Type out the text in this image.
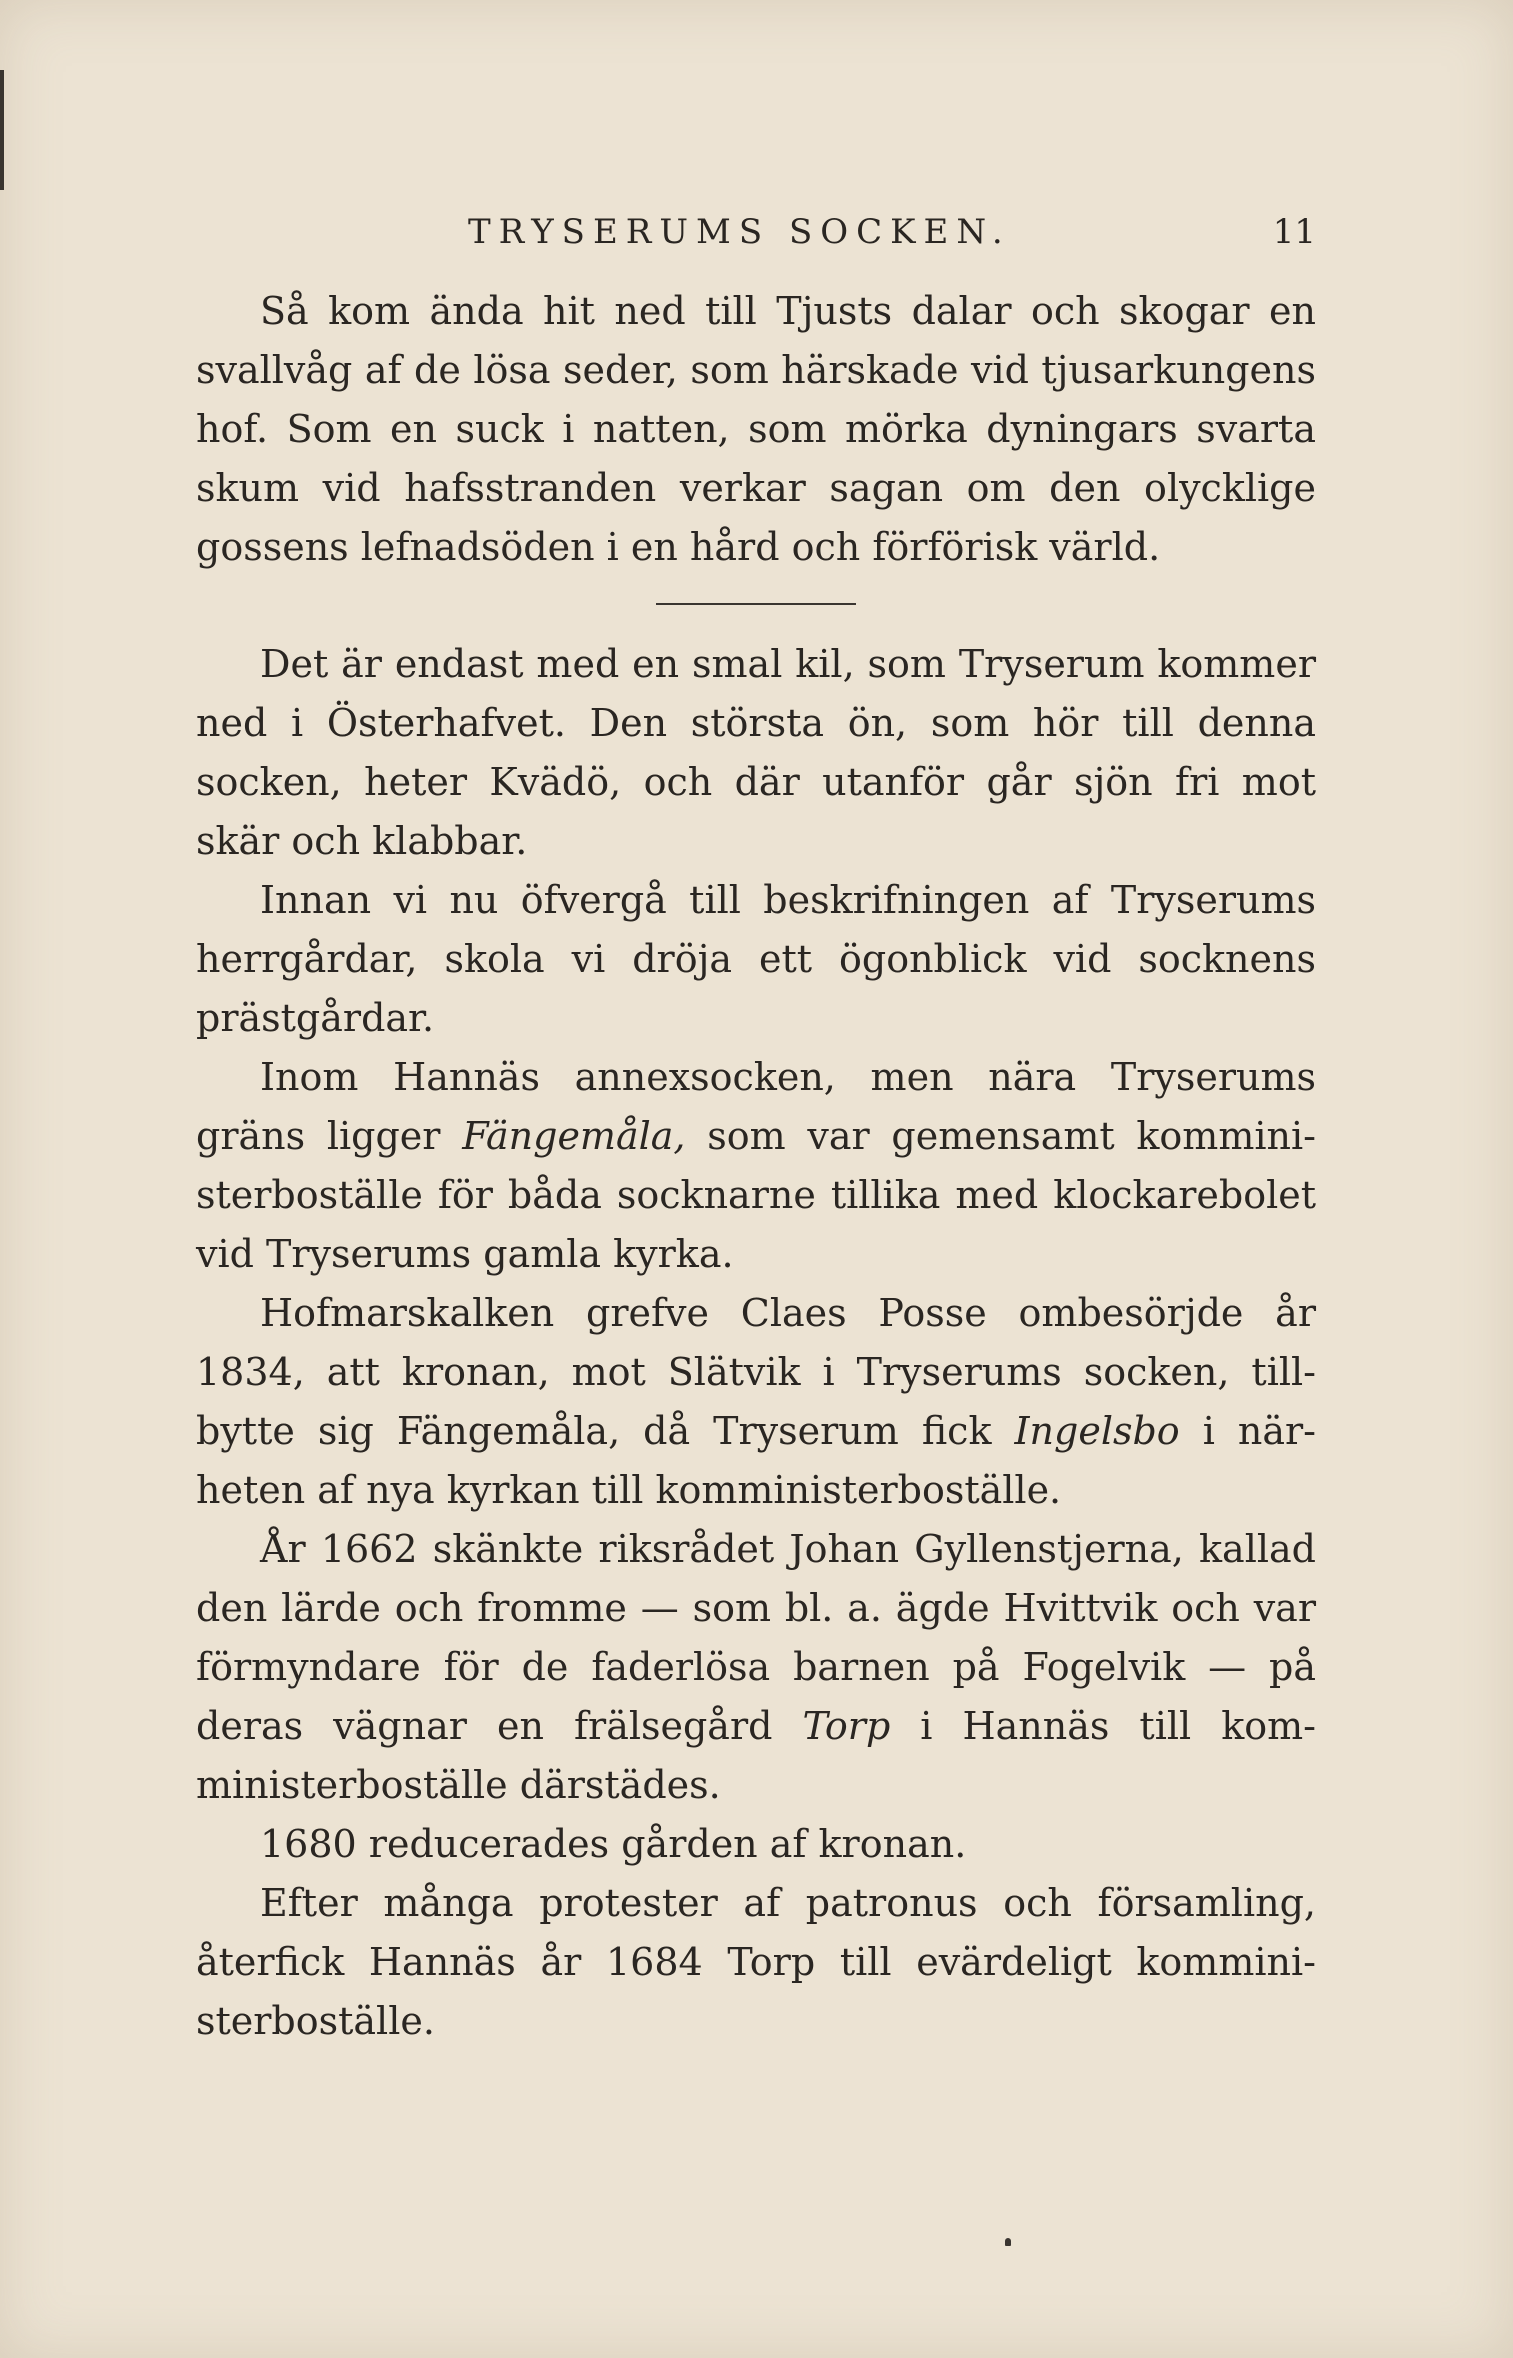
TRYSERUMS SOCKEN.	11

Så kom ända hit ned till Tjusts dalar och skogar en svallvåg af de lösa seder, som härskade vid tjusarkungens hof. Som en suck i natten, som mörka dyningars svarta skum vid hafsstranden verkar sagan om den olycklige gossens lefnadsöden i en hård och förförisk värld.

Det är endast med en smal kil, som Tryserum kommer ned i Österhafvet. Den största ön, som hör till denna socken, heter Kvädö, och där utanför går sjön fri mot skär och klabbar.

Innan vi nu öfvergå till beskrifningen af Tryserums herrgårdar, skola vi dröja ett ögonblick vid socknens prästgårdar.

Inom Hannäs annexsocken, men nära Tryserums gräns ligger Fängemåla, som var gemensamt komministerboställe för båda socknarne tillika med klockarebolet vid Tryserums gamla kyrka.

Hofmarskalken grefve Claes Posse ombesörjde år 1834, att kronan, mot Slätvik i Tryserums socken, tillbytte sig Fängemåla, då Tryserum fick Ingelsbo i närheten af nya kyrkan till komministerboställe.

År 1662 skänkte riksrådet Johan Gyllenstjerna, kallad den lärde och fromme — som bl. a. ägde Hvittvik och var förmyndare för de faderlösa barnen på Fogelvik — på deras vägnar en frälsegård Torp i Hannäs till komministerboställe därstädes.

1680 reducerades gården af kronan.

Efter många protester af patronus och församling, återfick Hannäs år 1684 Torp till evärdeligt komministerboställe.
